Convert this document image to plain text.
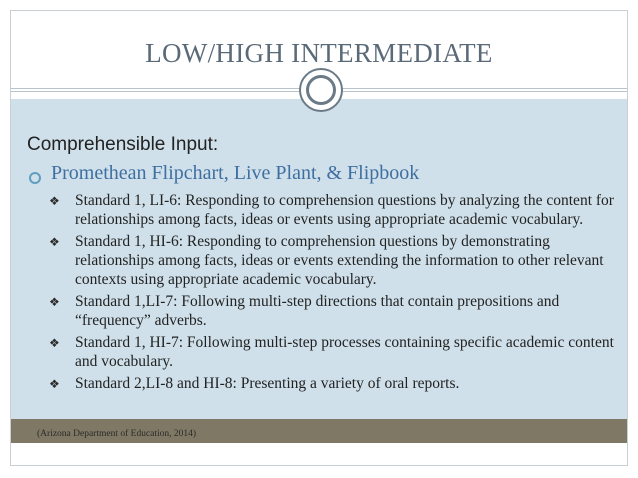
LOW/HIGH INTERMEDIATE
Comprehensible Input:
Promethean Flipchart, Live Plant, & Flipbook
❖ Standard 1, LI-6: Responding to comprehension questions by analyzing the content for relationships among facts, ideas or events using appropriate academic vocabulary.
❖ Standard 1, HI-6: Responding to comprehension questions by demonstrating relationships among facts, ideas or events extending the information to other relevant contexts using appropriate academic vocabulary.
❖ Standard 1,LI-7: Following multi-step directions that contain prepositions and “frequency” adverbs.
❖ Standard 1, HI-7: Following multi-step processes containing specific academic content and vocabulary.
❖ Standard 2,LI-8 and HI-8: Presenting a variety of oral reports.
(Arizona Department of Education, 2014)
